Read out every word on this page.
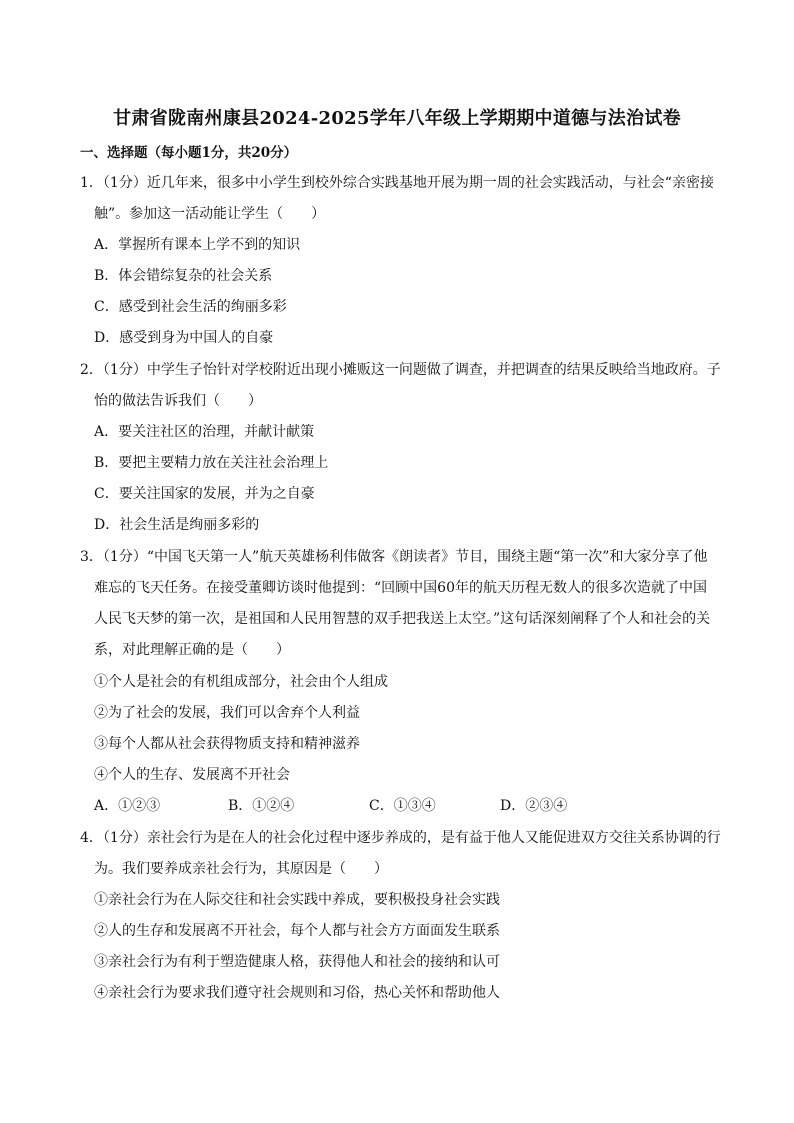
甘肃省陇南州康县2024-2025学年八年级上学期期中道德与法治试卷
一、选择题（每小题1分，共20分）
1．（1分）近几年来，很多中小学生到校外综合实践基地开展为期一周的社会实践活动，与社会“亲密接
触”。参加这一活动能让学生（　　）
A．掌握所有课本上学不到的知识
B．体会错综复杂的社会关系
C．感受到社会生活的绚丽多彩
D．感受到身为中国人的自豪
2．（1分）中学生子怡针对学校附近出现小摊贩这一问题做了调查，并把调查的结果反映给当地政府。子
怡的做法告诉我们（　　）
A．要关注社区的治理，并献计献策
B．要把主要精力放在关注社会治理上
C．要关注国家的发展，并为之自豪
D．社会生活是绚丽多彩的
3．（1分）“中国飞天第一人”航天英雄杨利伟做客《朗读者》节目，围绕主题“第一次”和大家分享了他
难忘的飞天任务。在接受董卿访谈时他提到：“回顾中国60年的航天历程无数人的很多次造就了中国
人民飞天梦的第一次，是祖国和人民用智慧的双手把我送上太空。”这句话深刻阐释了个人和社会的关
系，对此理解正确的是（　　）
①个人是社会的有机组成部分，社会由个人组成
②为了社会的发展，我们可以舍弃个人利益
③每个人都从社会获得物质支持和精神滋养
④个人的生存、发展离不开社会
A．①②③	B．①②④	C．①③④	D．②③④
4．（1分）亲社会行为是在人的社会化过程中逐步养成的，是有益于他人又能促进双方交往关系协调的行
为。我们要养成亲社会行为，其原因是（　　）
①亲社会行为在人际交往和社会实践中养成，要积极投身社会实践
②人的生存和发展离不开社会，每个人都与社会方方面面发生联系
③亲社会行为有利于塑造健康人格，获得他人和社会的接纳和认可
④亲社会行为要求我们遵守社会规则和习俗，热心关怀和帮助他人
